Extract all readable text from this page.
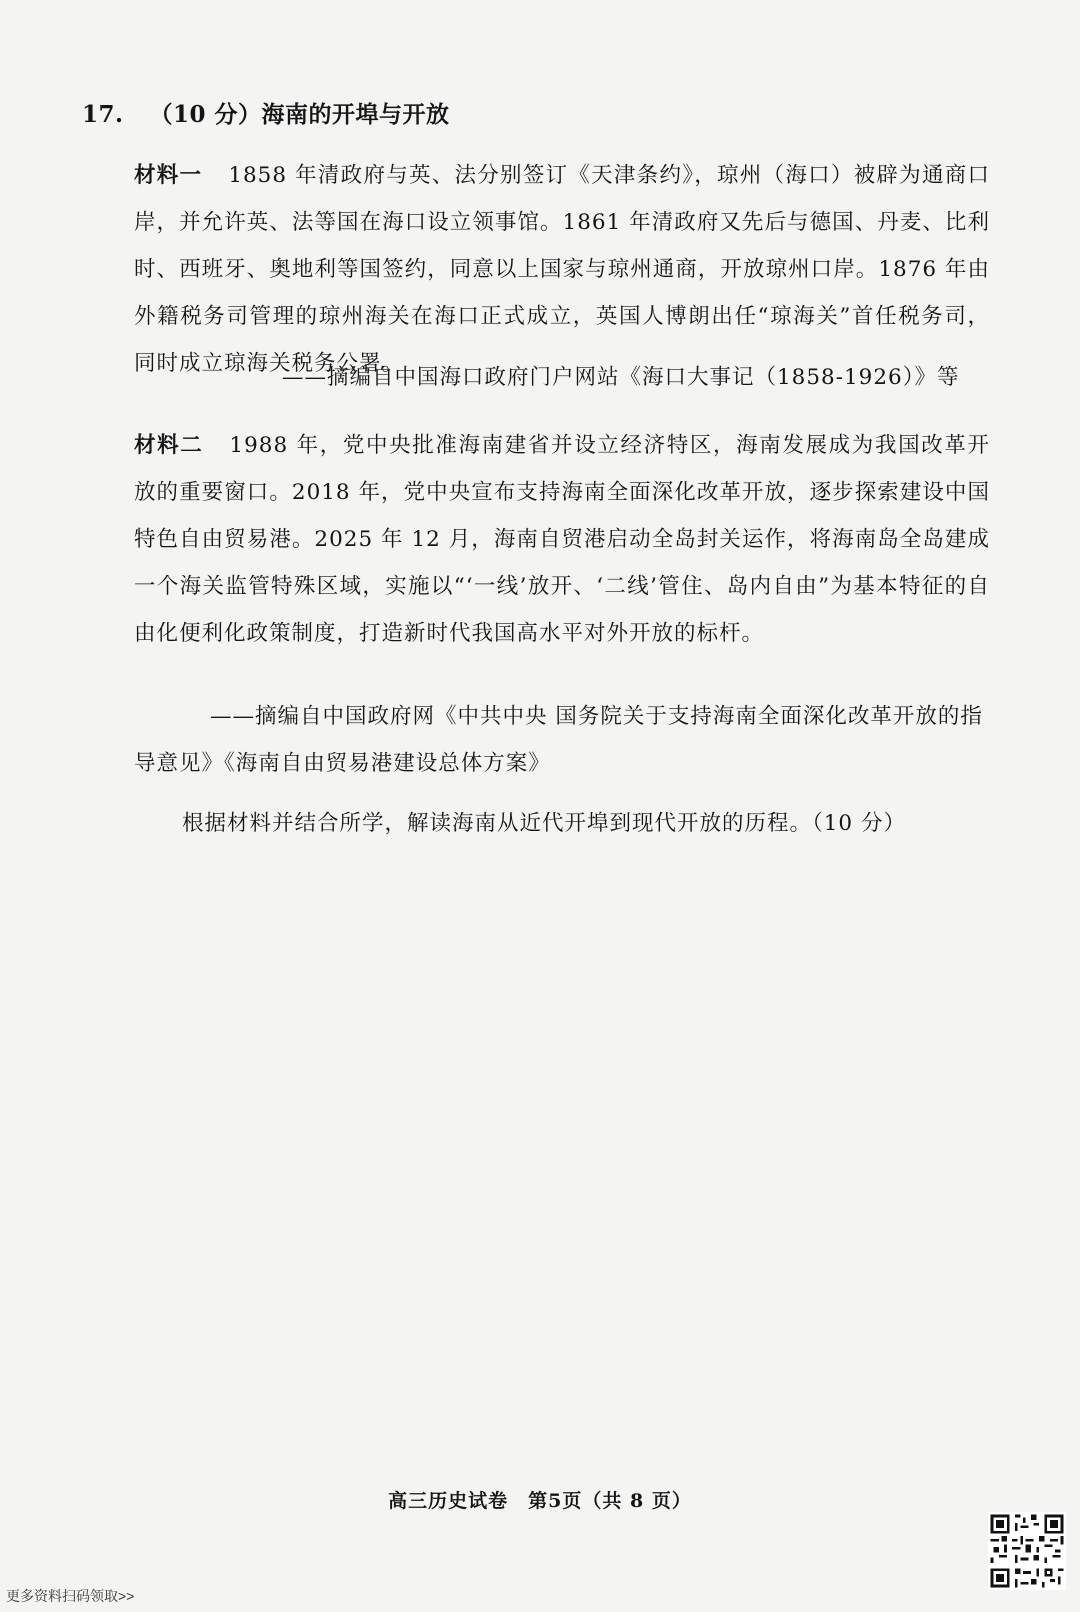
17. （10 分）海南的开埠与开放
材料一 1858 年清政府与英、法分别签订《天津条约》，琼州（海口）被辟为通商口岸，并允许英、法等国在海口设立领事馆。1861 年清政府又先后与德国、丹麦、比利时、西班牙、奥地利等国签约，同意以上国家与琼州通商，开放琼州口岸。1876 年由外籍税务司管理的琼州海关在海口正式成立，英国人博朗出任“琼海关”首任税务司，同时成立琼海关税务公署。
——摘编自中国海口政府门户网站《海口大事记（1858-1926）》等
材料二 1988 年，党中央批准海南建省并设立经济特区，海南发展成为我国改革开放的重要窗口。2018 年，党中央宣布支持海南全面深化改革开放，逐步探索建设中国特色自由贸易港。2025 年 12 月，海南自贸港启动全岛封关运作，将海南岛全岛建成一个海关监管特殊区域，实施以“‘一线’放开、‘二线’管住、岛内自由”为基本特征的自由化便利化政策制度，打造新时代我国高水平对外开放的标杆。
——摘编自中国政府网《中共中央 国务院关于支持海南全面深化改革开放的指导意见》《海南自由贸易港建设总体方案》
根据材料并结合所学，解读海南从近代开埠到现代开放的历程。（10 分）
高三历史试卷　第5页（共 8 页）
更多资料扫码领取>>
